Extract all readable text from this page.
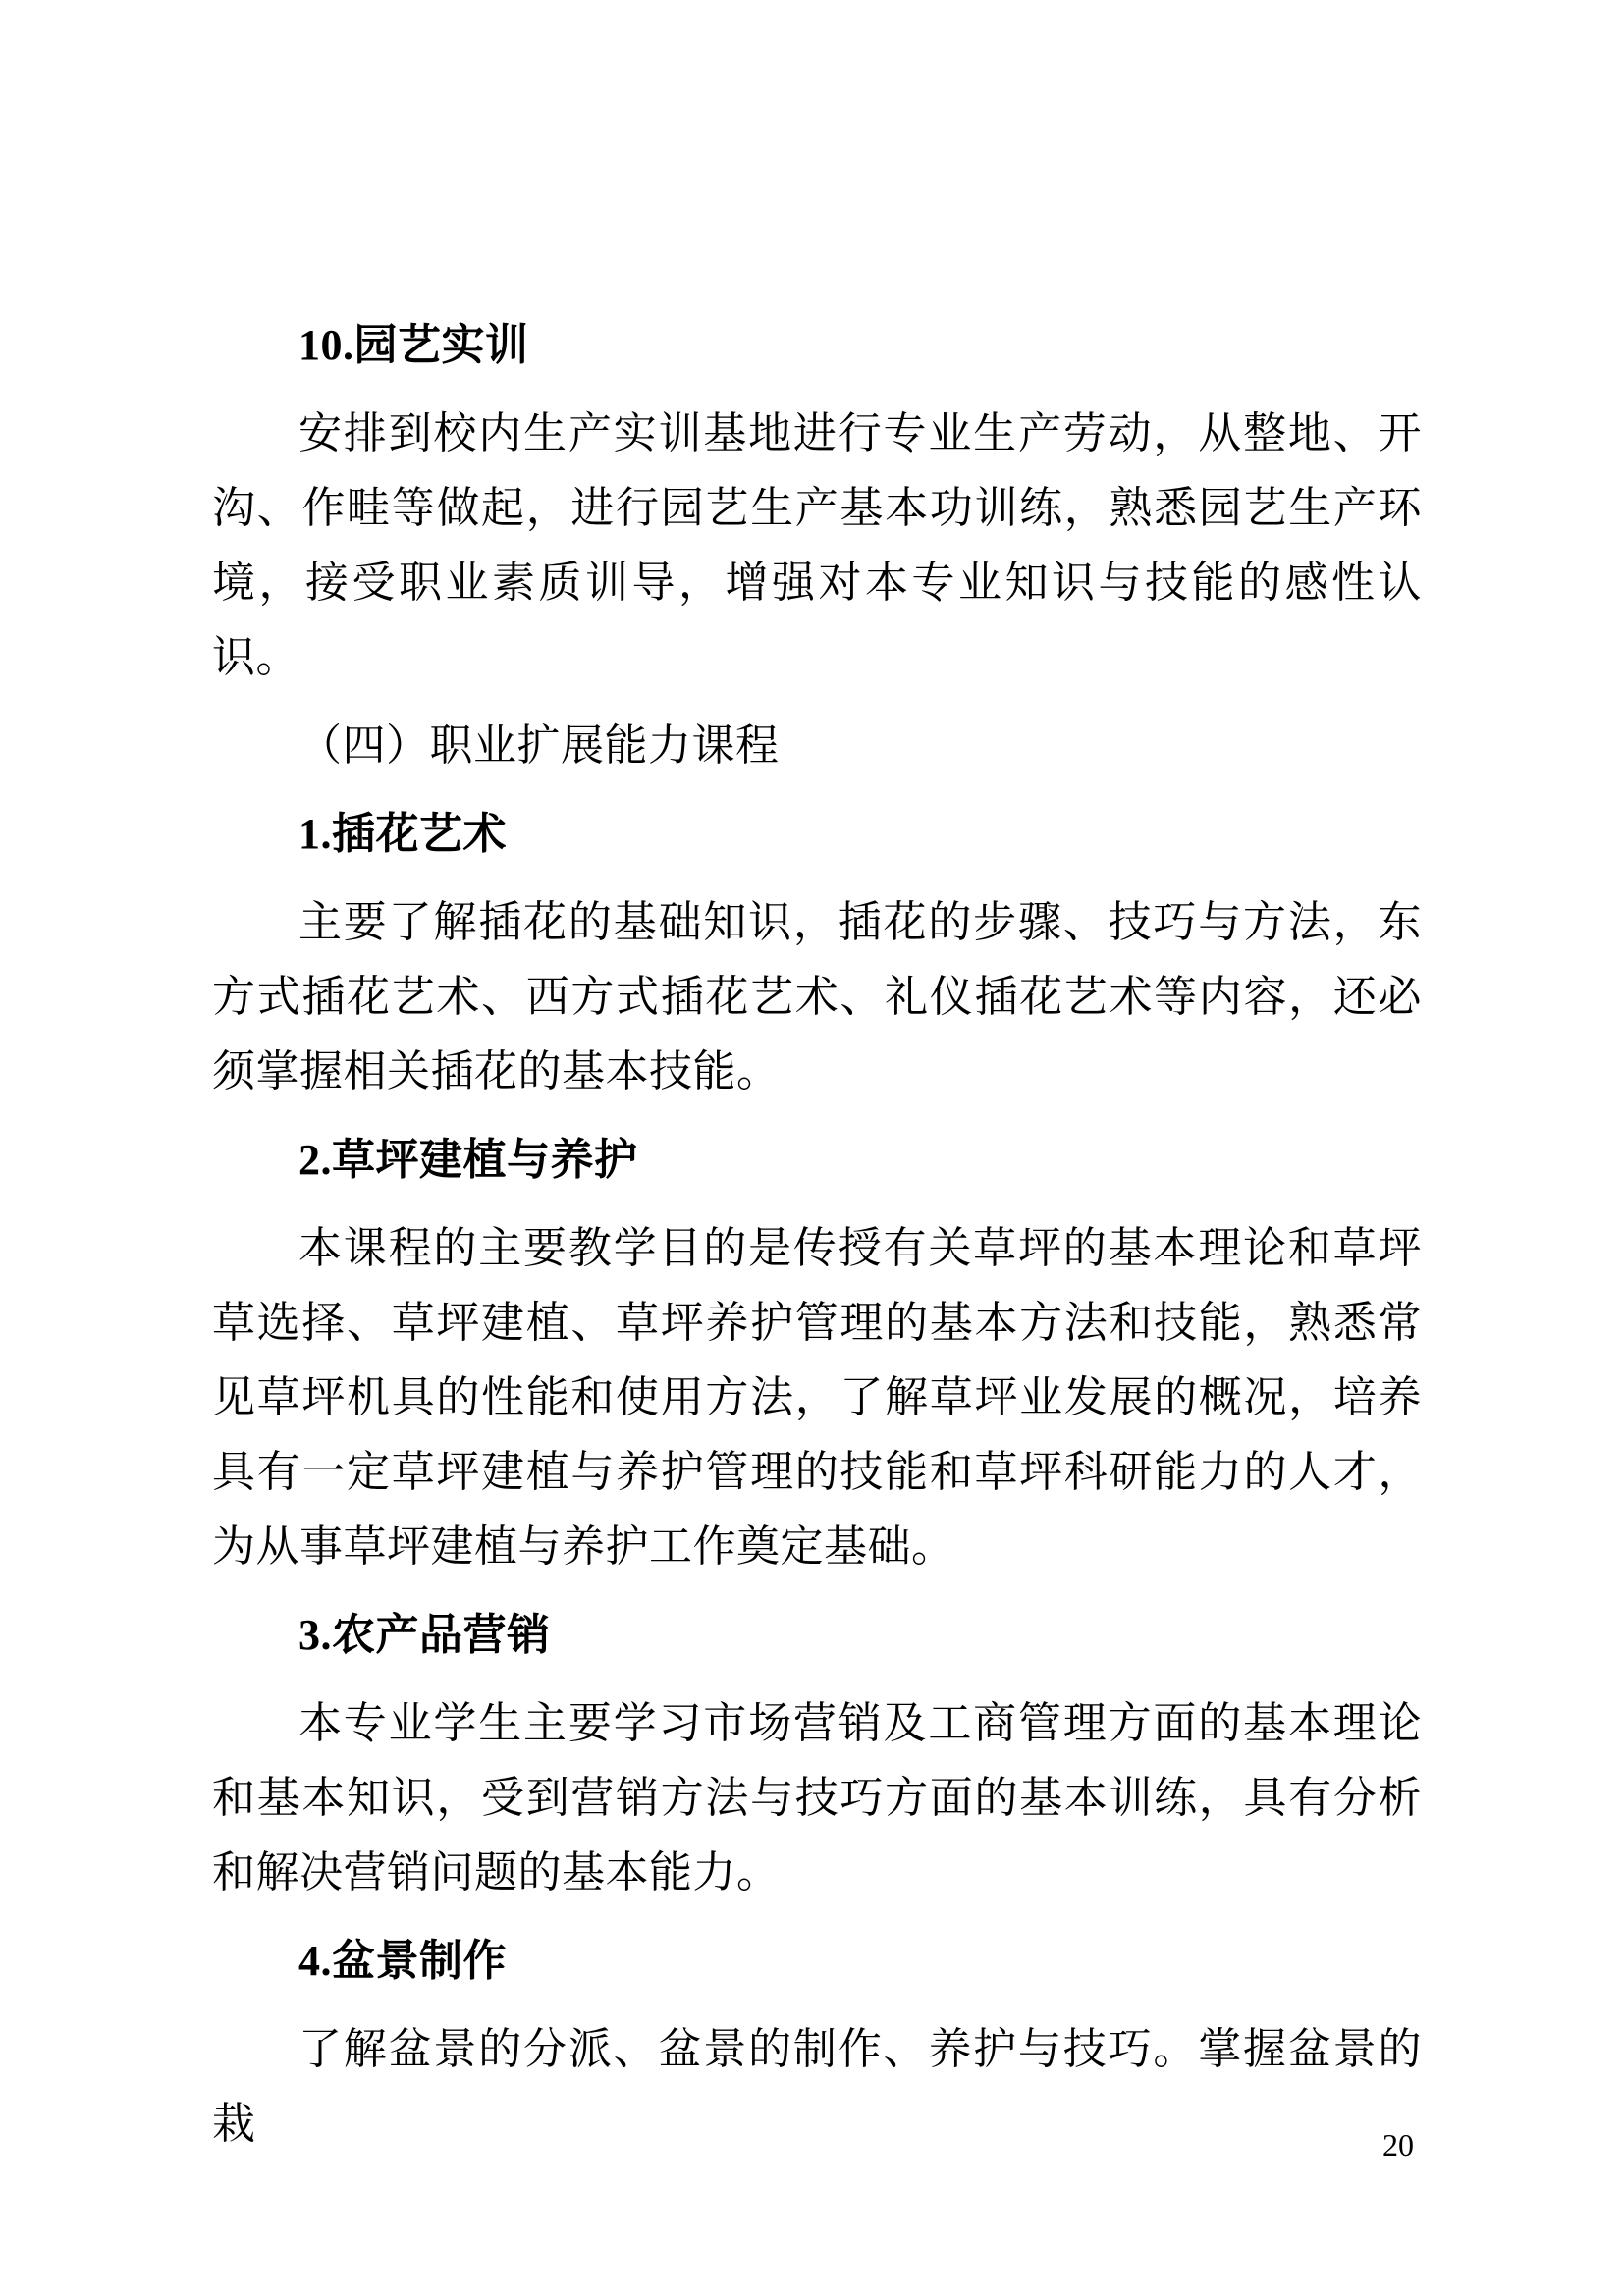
10.园艺实训
安排到校内生产实训基地进行专业生产劳动，从整地、开沟、作畦等做起，进行园艺生产基本功训练，熟悉园艺生产环境，接受职业素质训导，增强对本专业知识与技能的感性认识。
（四）职业扩展能力课程
1.插花艺术
主要了解插花的基础知识，插花的步骤、技巧与方法，东方式插花艺术、西方式插花艺术、礼仪插花艺术等内容，还必须掌握相关插花的基本技能。
2.草坪建植与养护
本课程的主要教学目的是传授有关草坪的基本理论和草坪草选择、草坪建植、草坪养护管理的基本方法和技能，熟悉常见草坪机具的性能和使用方法，了解草坪业发展的概况，培养具有一定草坪建植与养护管理的技能和草坪科研能力的人才，为从事草坪建植与养护工作奠定基础。
3.农产品营销
本专业学生主要学习市场营销及工商管理方面的基本理论和基本知识，受到营销方法与技巧方面的基本训练，具有分析和解决营销问题的基本能力。
4.盆景制作
了解盆景的分派、盆景的制作、养护与技巧。掌握盆景的栽	20
